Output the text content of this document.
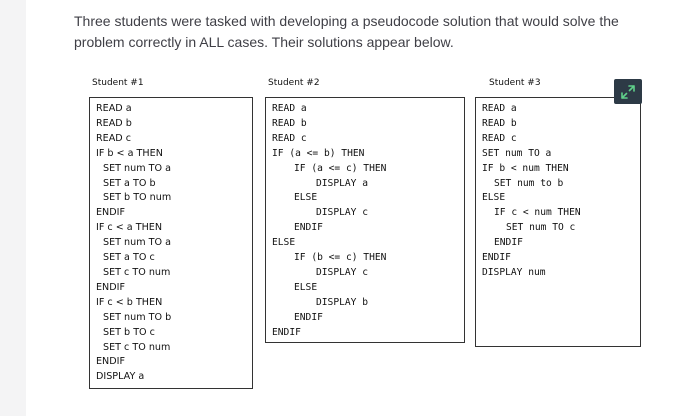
Three students were tasked with developing a pseudocode solution that would solve the

problem correctly in ALL cases. Their solutions appear below.

Student #1	Student #2	Student #3
READ a
READ b
READ c
IF b < a THEN
SET num TO a
SET a TO b
SET b TO num
ENDIF
IF c < a THEN
SET num TO a
SET a TO c
SET c TO num
ENDIF
IF c < b THEN
SET num TO b
SET b TO c
SET c TO num
ENDIF
DISPLAY a
READ a
READ b
READ c
IF (a <= b) THEN
IF (a <= c) THEN
DISPLAY a
ELSE
DISPLAY c
ENDIF
ELSE
IF (b <= c) THEN
DISPLAY c
ELSE
DISPLAY b
ENDIF
ENDIF
READ a
READ b
READ c
SET num TO a
IF b < num THEN
SET num to b
ELSE
IF c < num THEN
SET num TO c
ENDIF
ENDIF
DISPLAY num
